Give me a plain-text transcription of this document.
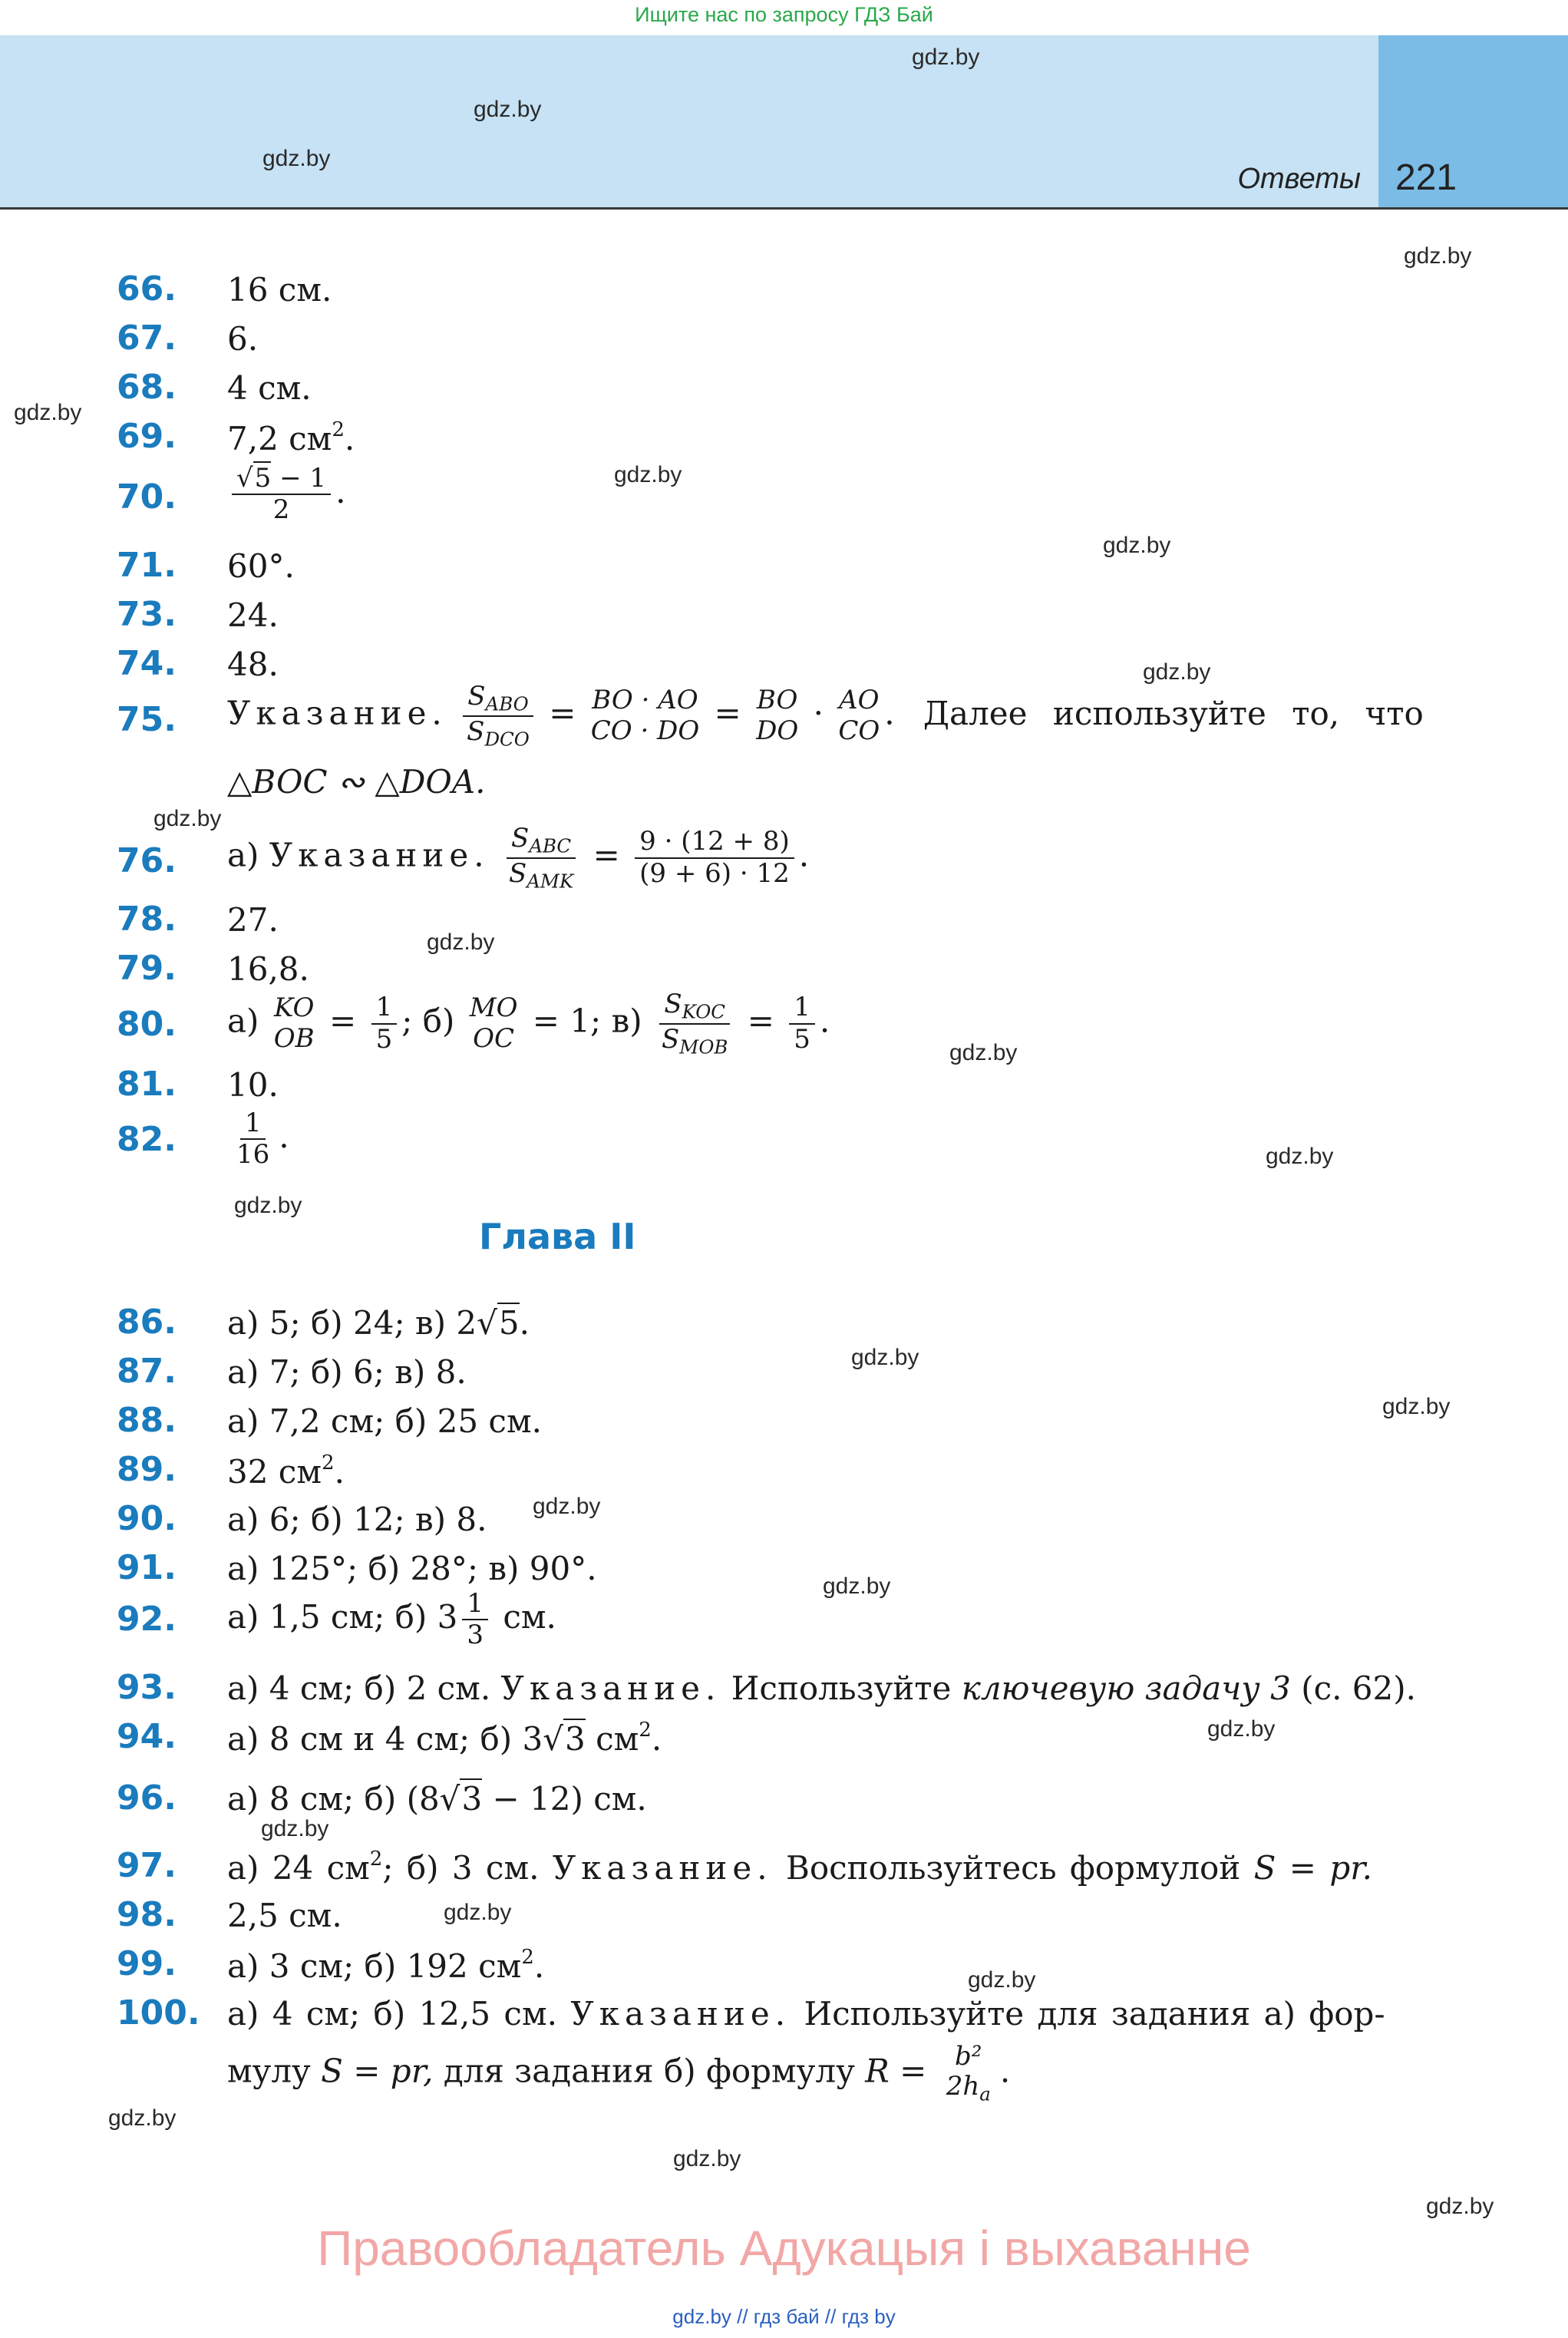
Ищите нас по запросу ГДЗ Бай
Ответы 221
gdz.by
gdz.by
gdz.by
gdz.by
gdz.by
gdz.by
gdz.by
gdz.by
gdz.by
gdz.by
gdz.by
gdz.by
gdz.by
gdz.by
gdz.by
gdz.by
gdz.by
gdz.by
gdz.by
gdz.by
gdz.by
gdz.by
gdz.by
gdz.by
66. 16 см.
67. 6.
68. 4 см.
69. 7,2 $см^2$.
70. $\frac{√5 - 1}{2}$ .
71. 60°.
73. 24.
74. 48.
75. Указание. $\frac{S_{ABO}}{S_{DCO}}$ = BO · AO
CO · DO = BO
DO · AO
CO . Далее используйте то, что
△BOC ∾ △DOA.
76. а) Указание. $\frac{S_{ABC}}{S_{AMK}} = \frac{9 \cdot (12 + 8)}{(9 + 6) \cdot 12}$ .
78. 27.
79. 16,8.
80. а) KO
OB = $\frac{1}{5}$ ; б) MO
OC = 1; $в) \frac{S_{KOC}}{S_{MOB}} = \frac{1}{5}$ .
81. 10.
82. $\frac{1}{16}$ .
Глава II
86. а) 5; б) 24; в) 2√5.
87. а) 7; б) 6; в) 8.
88. а) 7,2 см; б) 25 см.
89. 32 $см^2$.
90. а) 6; б) 12; в) 8.
91. а) 125°; б) 28°; в) 90°.
92. а) 1,5 см; б) $3 \frac{1}{3}$ см.
93. а) 4 см; б) 2 см. Указание. Используйте ключевую задачу 3 (с. 62).
94. а) 8 см и 4 см; б) 3√3 $см^2$.
96. а) 8 см; б) (8√3 − 12) см.
97. а) 24 $см^2$; б) 3 см. Указание. Воспользуйтесь формулой S = pr.
98. 2,5 см.
99. а) 3 см; б) 192 $см^2$.
100. а) 4 см; б) 12,5 см. Указание. Используйте для задания а) фор-
мулу S = pr, для задания б) формулу R = b²
$2h_a$
.
Правообладатель Адукацыя і выхаванне
gdz.by // гдз бай // гдз by
